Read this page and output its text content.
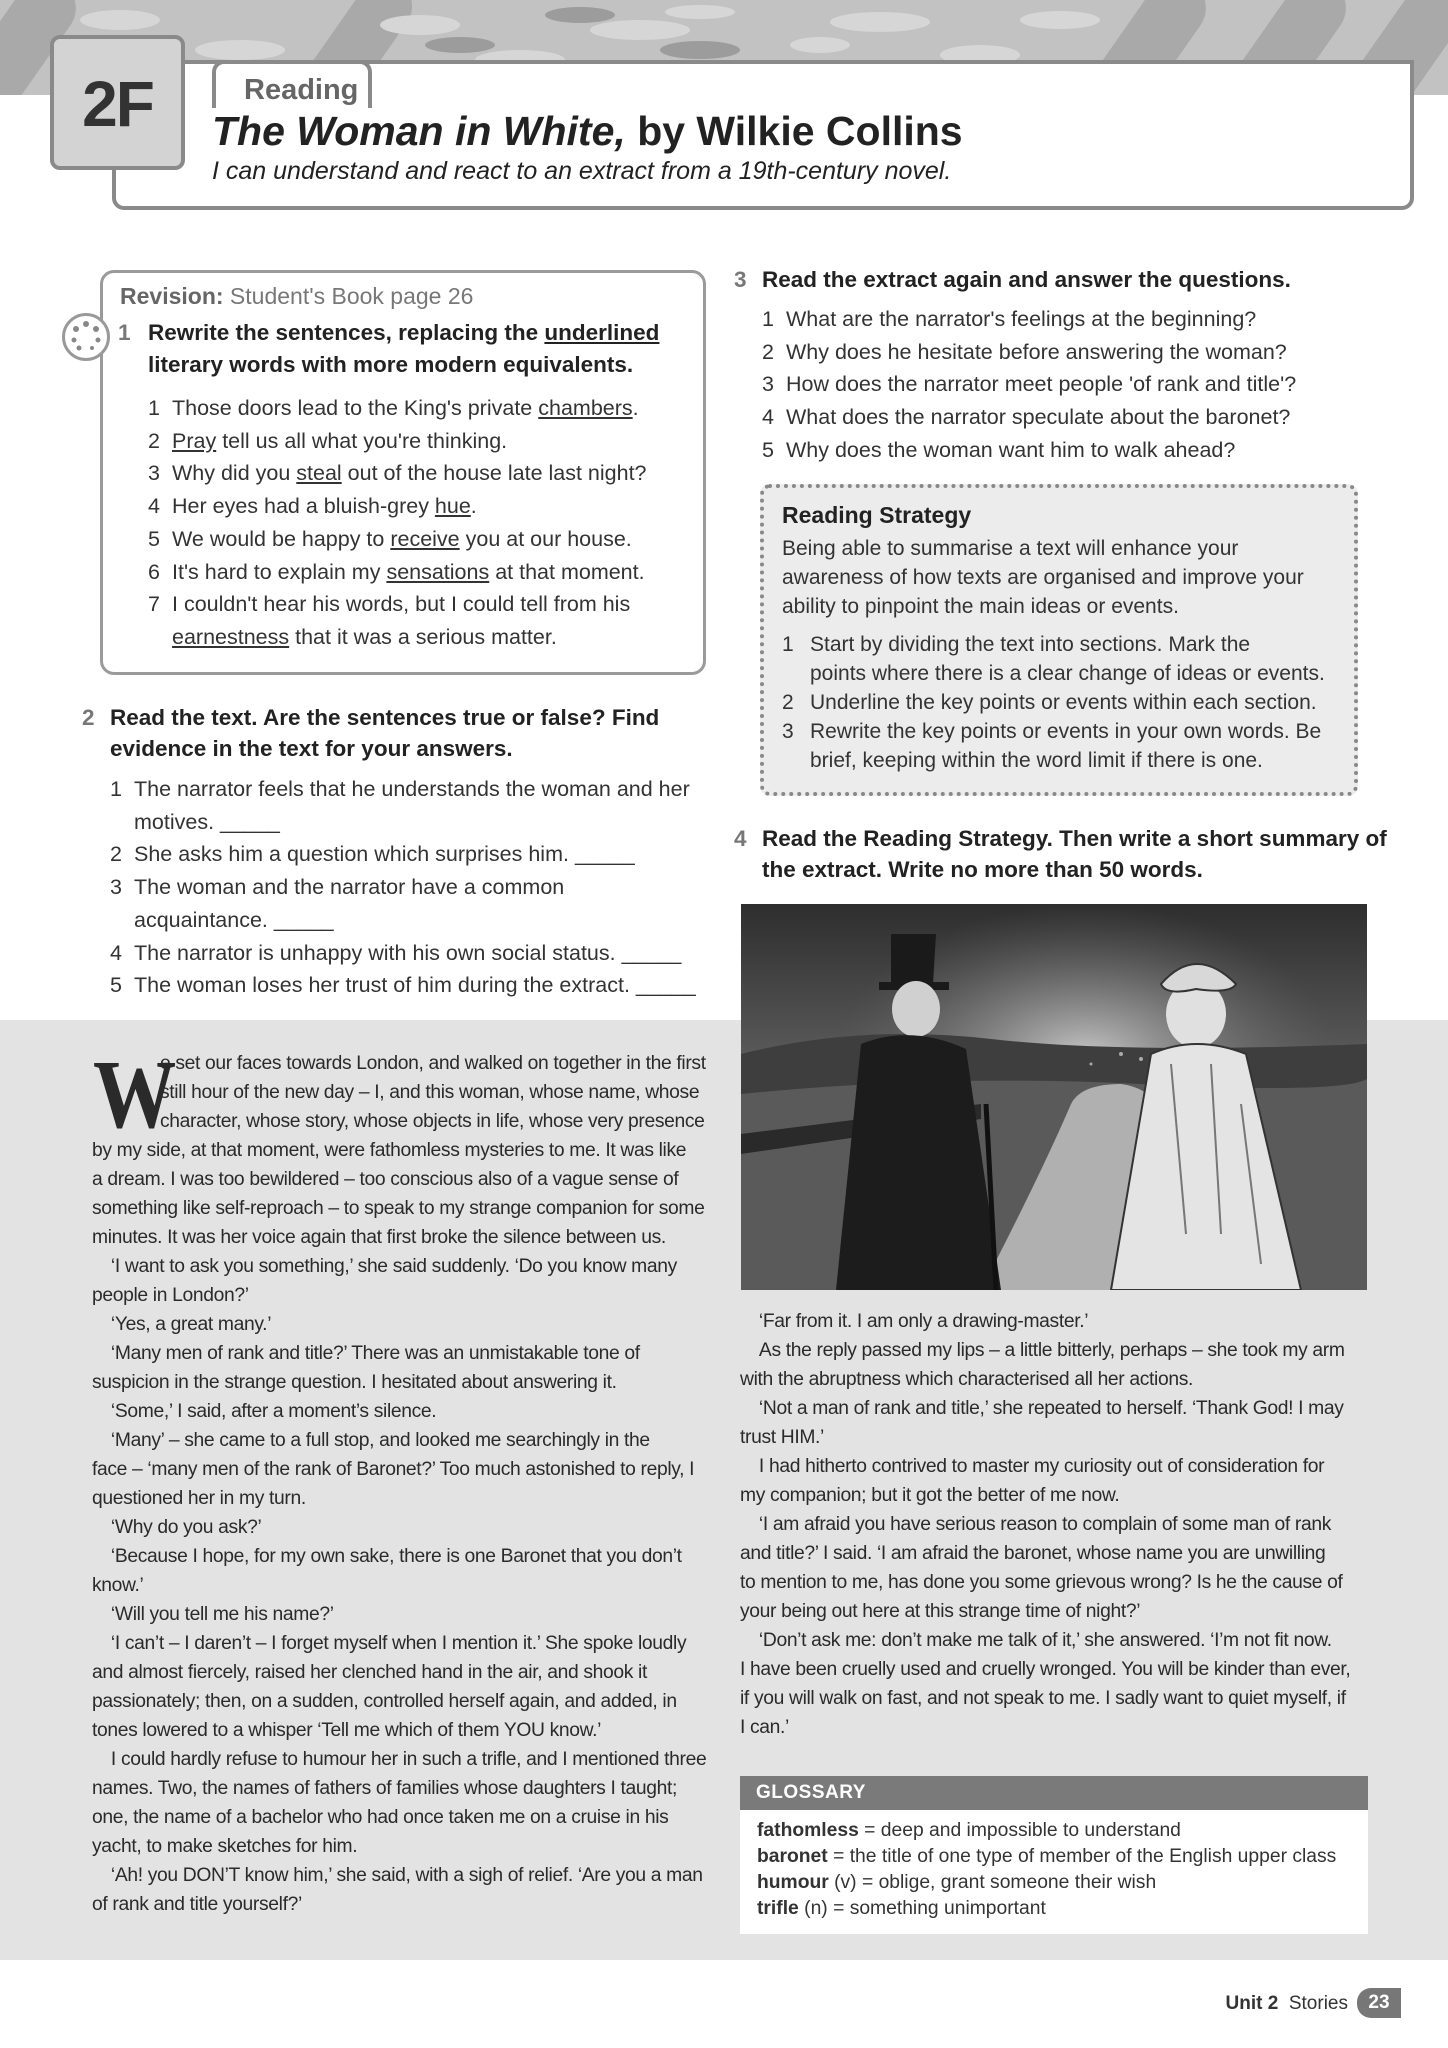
Reading
2F	The Woman in White, by Wilkie Collins
I can understand and react to an extract from a 19th-century novel.
Revision: Student's Book page 26
1 Rewrite the sentences, replacing the underlined
literary words with more modern equivalents.
1 Those doors lead to the King's private chambers.
2 Pray tell us all what you're thinking.
3 Why did you steal out of the house late last night?
4 Her eyes had a bluish-grey hue.
5 We would be happy to receive you at our house.
6 It's hard to explain my sensations at that moment.
7 I couldn't hear his words, but I could tell from his
earnestness that it was a serious matter.
2 Read the text. Are the sentences true or false? Find
evidence in the text for your answers.
1 The narrator feels that he understands the woman and her
motives. _____
2 She asks him a question which surprises him. _____
3 The woman and the narrator have a common
acquaintance. _____
4 The narrator is unhappy with his own social status. _____
5 The woman loses her trust of him during the extract. _____
3 Read the extract again and answer the questions.
1 What are the narrator's feelings at the beginning?
2 Why does he hesitate before answering the woman?
3 How does the narrator meet people 'of rank and title'?
4 What does the narrator speculate about the baronet?
5 Why does the woman want him to walk ahead?
Reading Strategy
Being able to summarise a text will enhance your
awareness of how texts are organised and improve your
ability to pinpoint the main ideas or events.
1 Start by dividing the text into sections. Mark the
points where there is a clear change of ideas or events.
2 Underline the key points or events within each section.
3 Rewrite the key points or events in your own words. Be
brief, keeping within the word limit if there is one.
4 Read the Reading Strategy. Then write a short summary of
the extract. Write no more than 50 words.
W
e set our faces towards London, and walked on together in the first
still hour of the new day – I, and this woman, whose name, whose
character, whose story, whose objects in life, whose very presence
by my side, at that moment, were fathomless mysteries to me. It was like
a dream. I was too bewildered – too conscious also of a vague sense of
something like self-reproach – to speak to my strange companion for some
minutes. It was her voice again that first broke the silence between us.
 ‘I want to ask you something,’ she said suddenly. ‘Do you know many
people in London?’
 ‘Yes, a great many.’
 ‘Many men of rank and title?’ There was an unmistakable tone of
suspicion in the strange question. I hesitated about answering it.
 ‘Some,’ I said, after a moment’s silence.
 ‘Many’ – she came to a full stop, and looked me searchingly in the
face – ‘many men of the rank of Baronet?’ Too much astonished to reply, I
questioned her in my turn.
 ‘Why do you ask?’
 ‘Because I hope, for my own sake, there is one Baronet that you don’t
know.’
 ‘Will you tell me his name?’
 ‘I can’t – I daren’t – I forget myself when I mention it.’ She spoke loudly
and almost fiercely, raised her clenched hand in the air, and shook it
passionately; then, on a sudden, controlled herself again, and added, in
tones lowered to a whisper ‘Tell me which of them YOU know.’
 I could hardly refuse to humour her in such a trifle, and I mentioned three
names. Two, the names of fathers of families whose daughters I taught;
one, the name of a bachelor who had once taken me on a cruise in his
yacht, to make sketches for him.
 ‘Ah! you DON’T know him,’ she said, with a sigh of relief. ‘Are you a man
of rank and title yourself?’
 ‘Far from it. I am only a drawing-master.’
 As the reply passed my lips – a little bitterly, perhaps – she took my arm
with the abruptness which characterised all her actions.
 ‘Not a man of rank and title,’ she repeated to herself. ‘Thank God! I may
trust HIM.’
 I had hitherto contrived to master my curiosity out of consideration for
my companion; but it got the better of me now.
 ‘I am afraid you have serious reason to complain of some man of rank
and title?’ I said. ‘I am afraid the baronet, whose name you are unwilling
to mention to me, has done you some grievous wrong? Is he the cause of
your being out here at this strange time of night?’
 ‘Don’t ask me: don’t make me talk of it,’ she answered. ‘I’m not fit now.
I have been cruelly used and cruelly wronged. You will be kinder than ever,
if you will walk on fast, and not speak to me. I sadly want to quiet myself, if
I can.’
GLOSSARY
fathomless = deep and impossible to understand
baronet = the title of one type of member of the English upper class
humour (v) = oblige, grant someone their wish
trifle (n) = something unimportant
Unit 2 Stories	23
